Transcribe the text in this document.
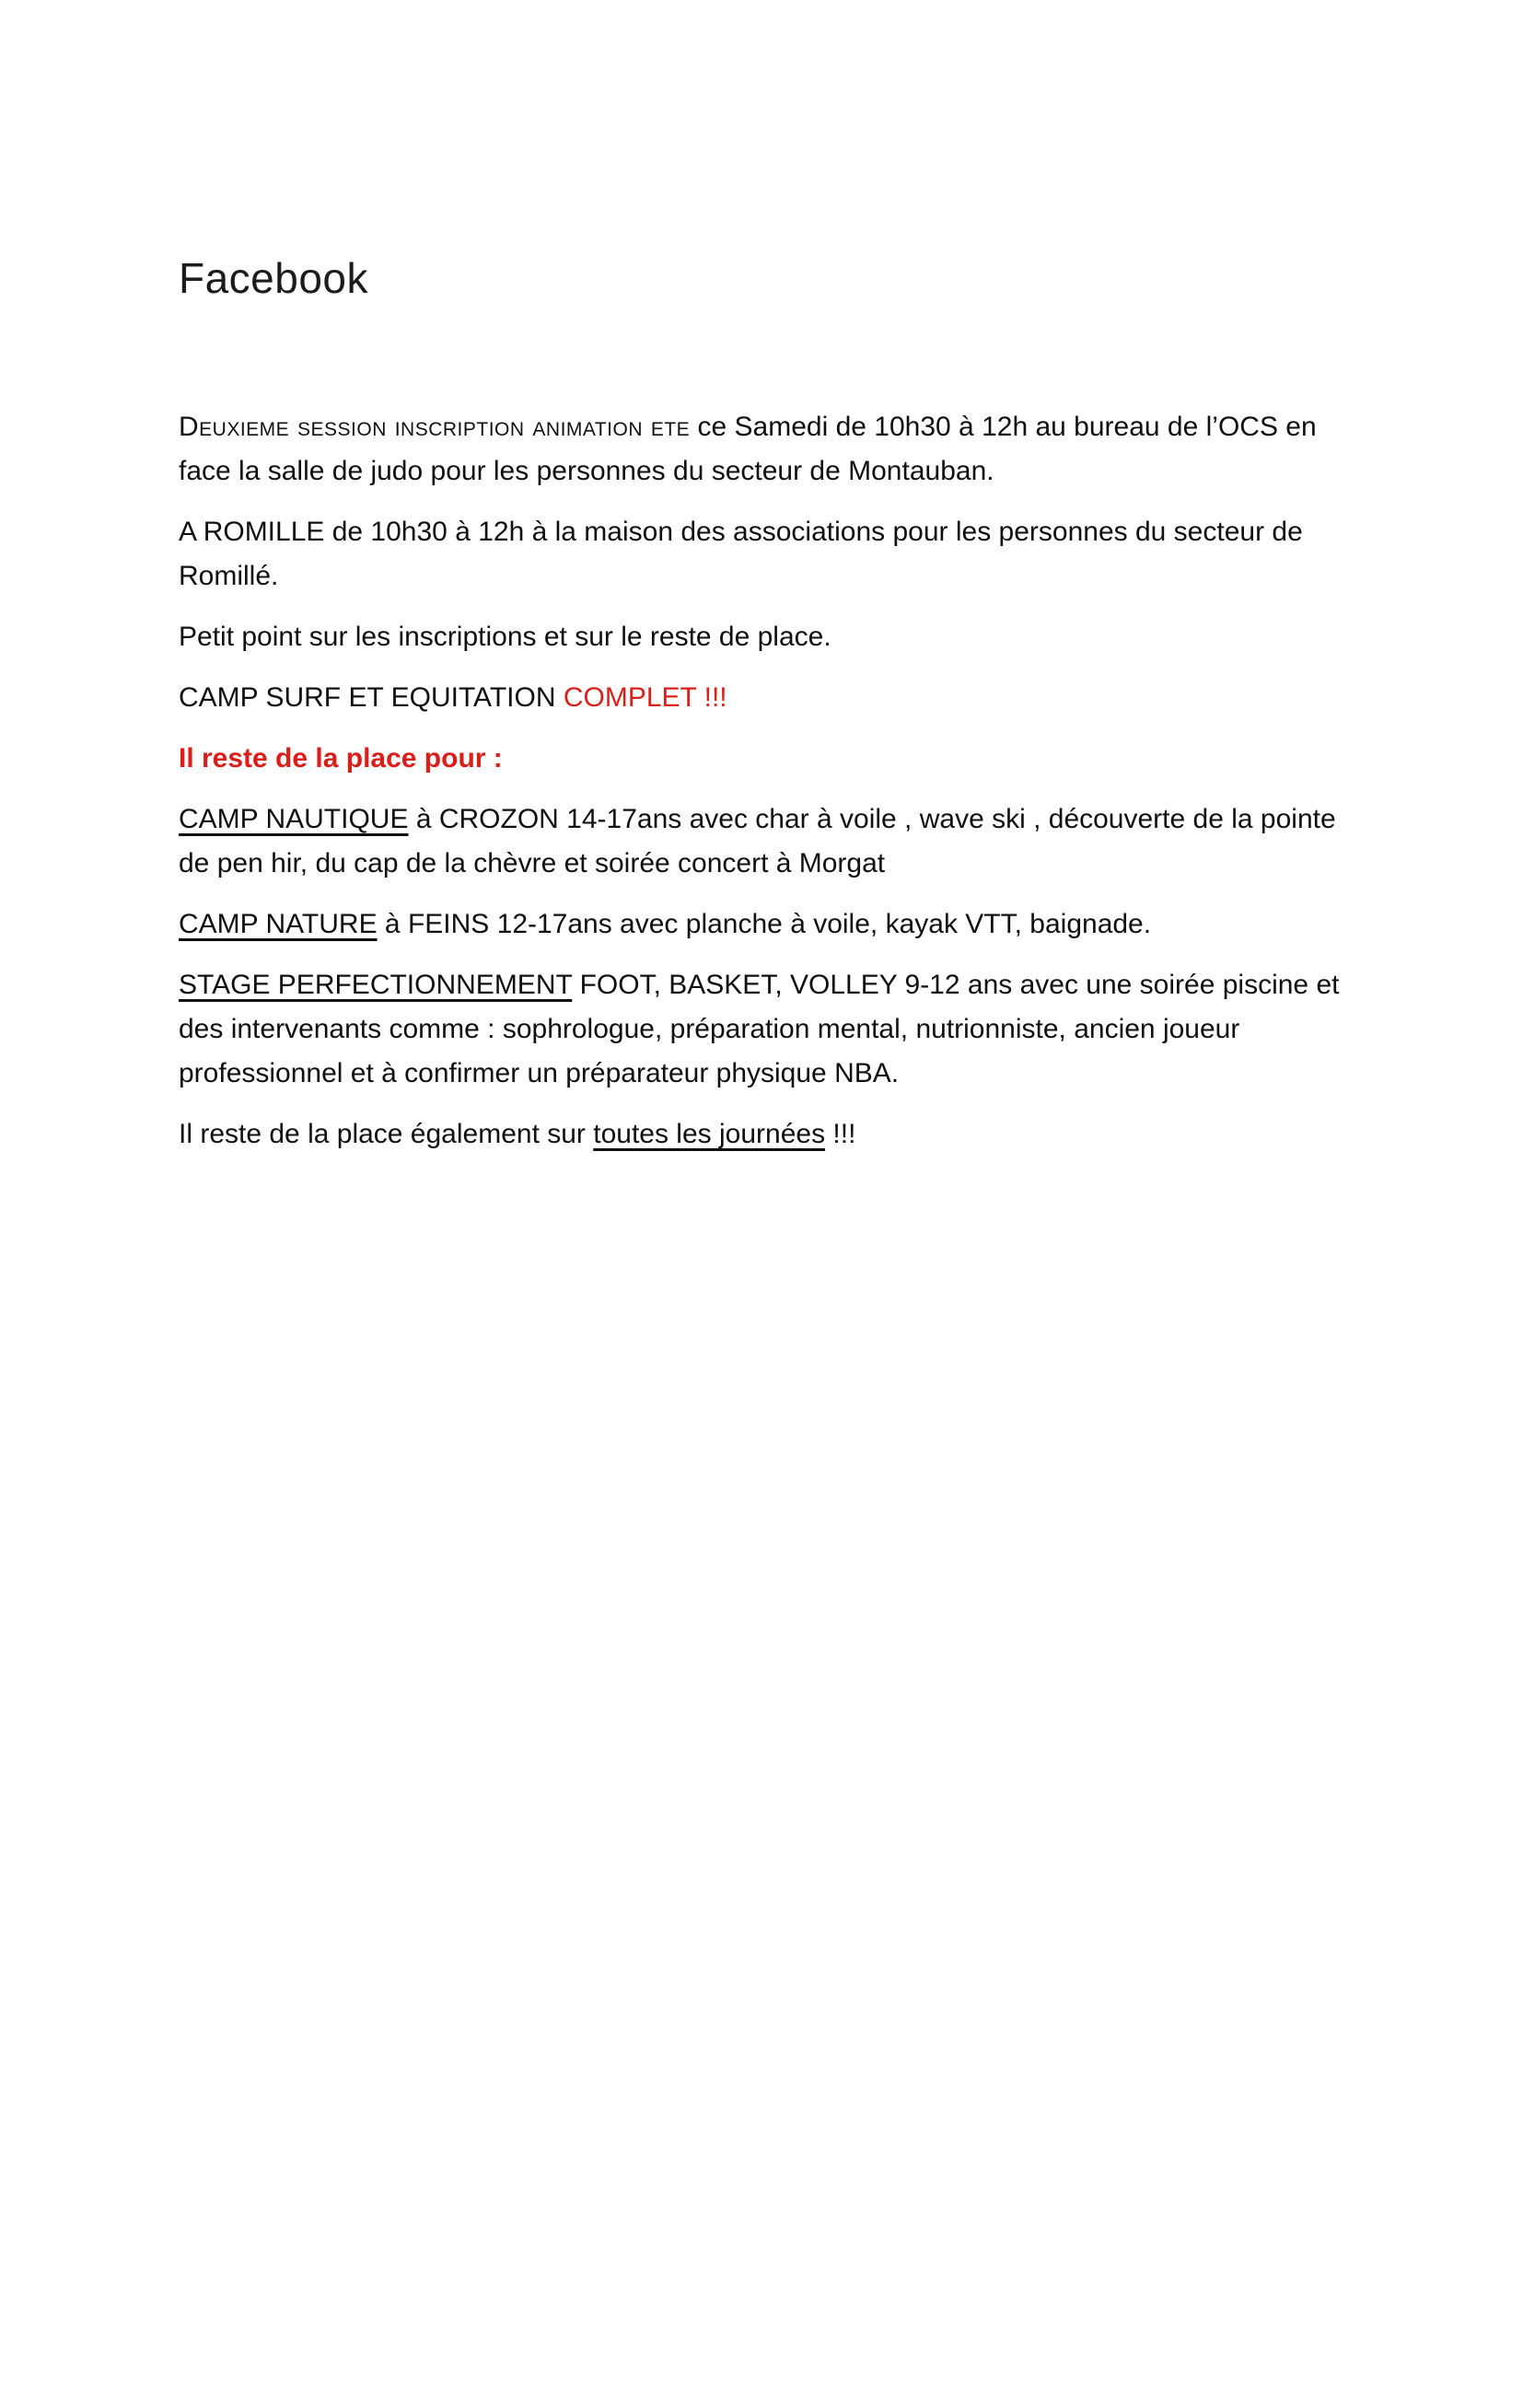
Facebook

Deuxieme session inscription animation ete ce Samedi de 10h30 à 12h au bureau de l’OCS en face la salle de judo pour les personnes du secteur de Montauban.

A ROMILLE de 10h30 à 12h à la maison des associations pour les personnes du secteur de Romillé.

Petit point sur les inscriptions et sur le reste de place.

CAMP SURF ET EQUITATION COMPLET !!!

Il reste de la place pour :

CAMP NAUTIQUE à CROZON 14-17ans avec char à voile , wave ski , découverte de la pointe de pen hir, du cap de la chèvre et soirée concert à Morgat

CAMP NATURE à FEINS 12-17ans avec planche à voile, kayak VTT, baignade.

STAGE PERFECTIONNEMENT FOOT, BASKET, VOLLEY 9-12 ans avec une soirée piscine et des intervenants comme : sophrologue, préparation mental, nutrionniste, ancien joueur professionnel et à confirmer un préparateur physique NBA.

Il reste de la place également sur toutes les journées !!!
